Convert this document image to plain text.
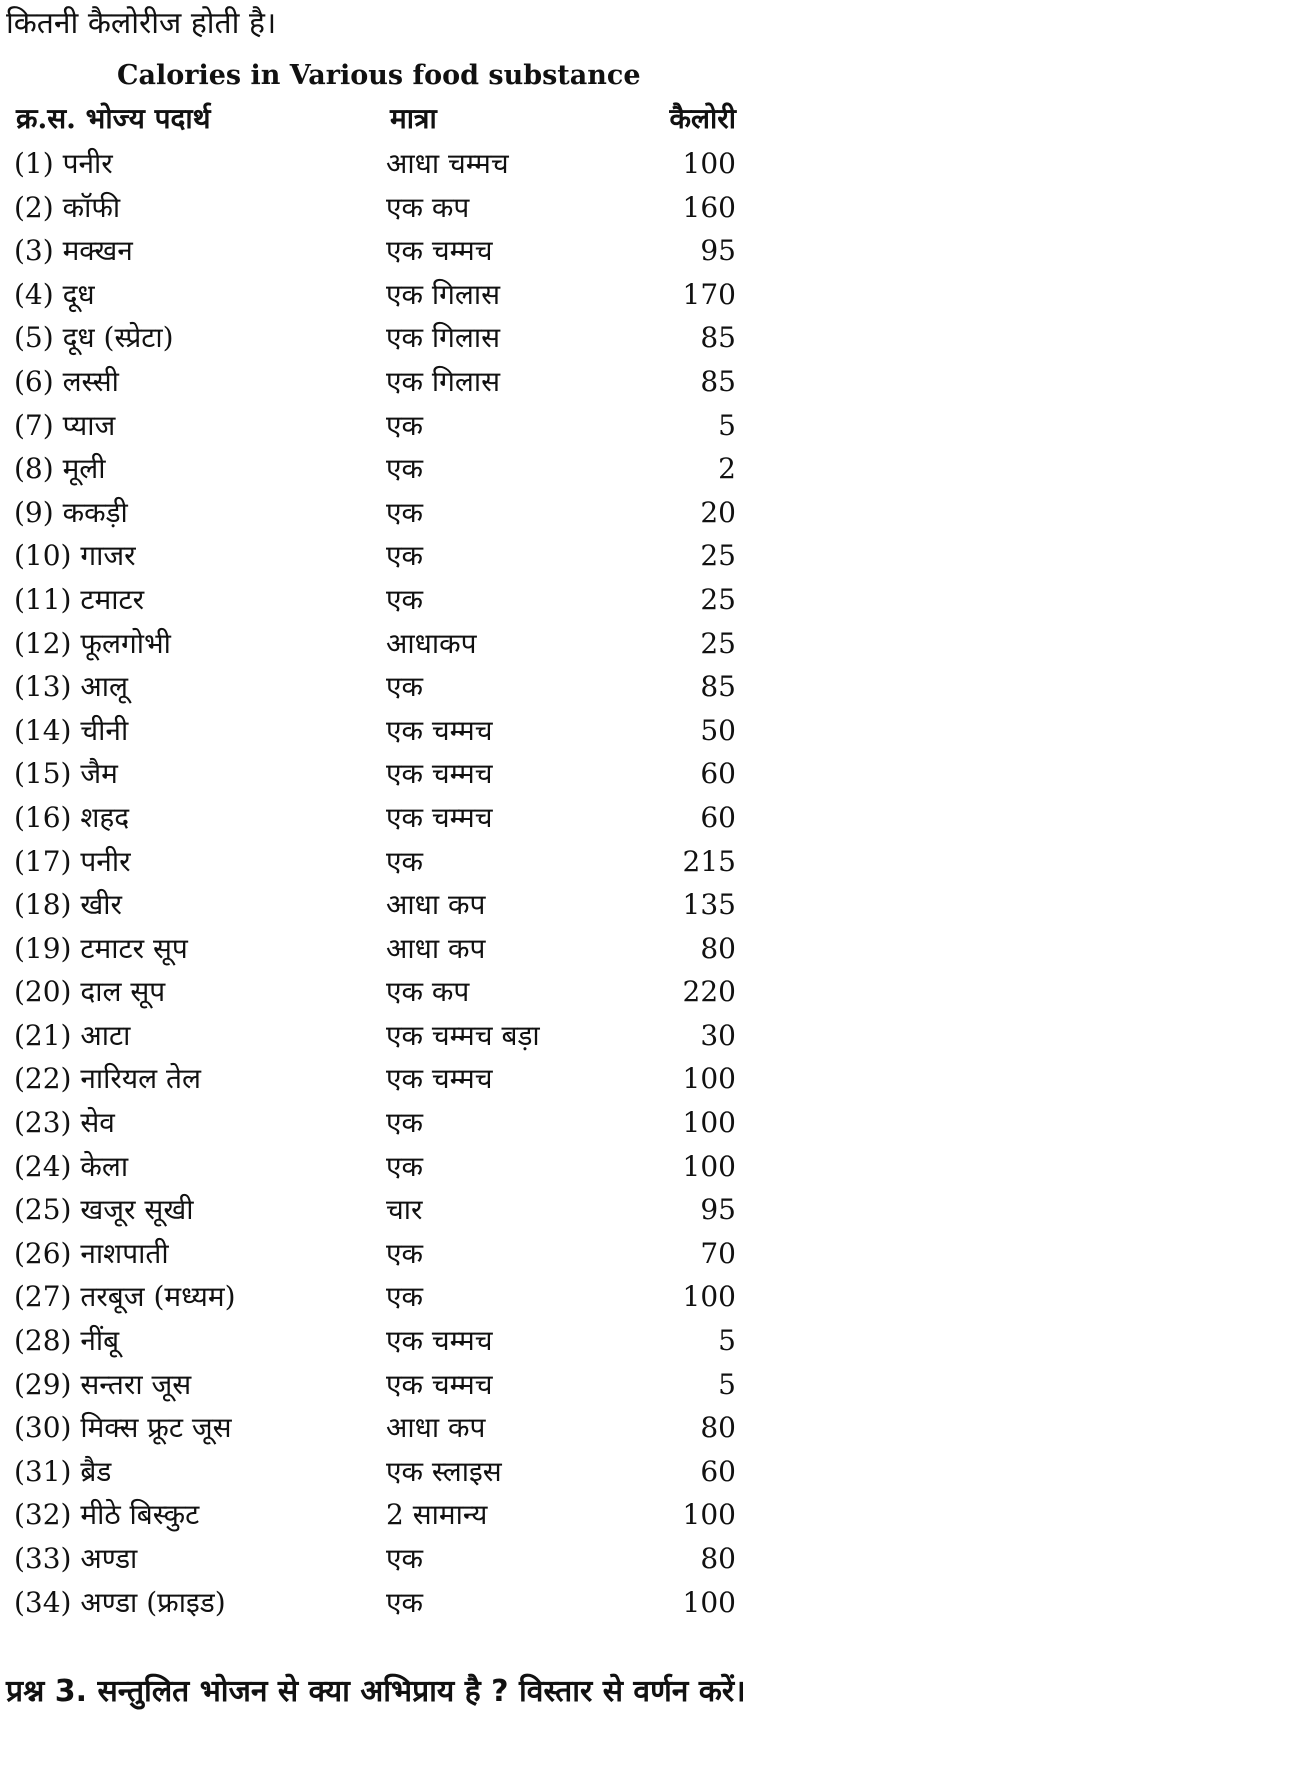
कितनी कैलोरीज होती है।
Calories in Various food substance
क्र.स. भोज्य पदार्थ	मात्रा	कैलोरी
(1) पनीर	आधा चम्मच	100
(2) कॉफी	एक कप	160
(3) मक्खन	एक चम्मच	95
(4) दूध	एक गिलास	170
(5) दूध (स्प्रेटा)	एक गिलास	85
(6) लस्सी	एक गिलास	85
(7) प्याज	एक	5
(8) मूली	एक	2
(9) ककड़ी	एक	20
(10) गाजर	एक	25
(11) टमाटर	एक	25
(12) फूलगोभी	आधाकप	25
(13) आलू	एक	85
(14) चीनी	एक चम्मच	50
(15) जैम	एक चम्मच	60
(16) शहद	एक चम्मच	60
(17) पनीर	एक	215
(18) खीर	आधा कप	135
(19) टमाटर सूप	आधा कप	80
(20) दाल सूप	एक कप	220
(21) आटा	एक चम्मच बड़ा	30
(22) नारियल तेल	एक चम्मच	100
(23) सेव	एक	100
(24) केला	एक	100
(25) खजूर सूखी	चार	95
(26) नाशपाती	एक	70
(27) तरबूज (मध्यम)	एक	100
(28) नींबू	एक चम्मच	5
(29) सन्तरा जूस	एक चम्मच	5
(30) मिक्स फ्रूट जूस	आधा कप	80
(31) ब्रैड	एक स्लाइस	60
(32) मीठे बिस्कुट	2 सामान्य	100
(33) अण्डा	एक	80
(34) अण्डा (फ्राइड)	एक	100
प्रश्न 3. सन्तुलित भोजन से क्या अभिप्राय है ? विस्तार से वर्णन करें।
